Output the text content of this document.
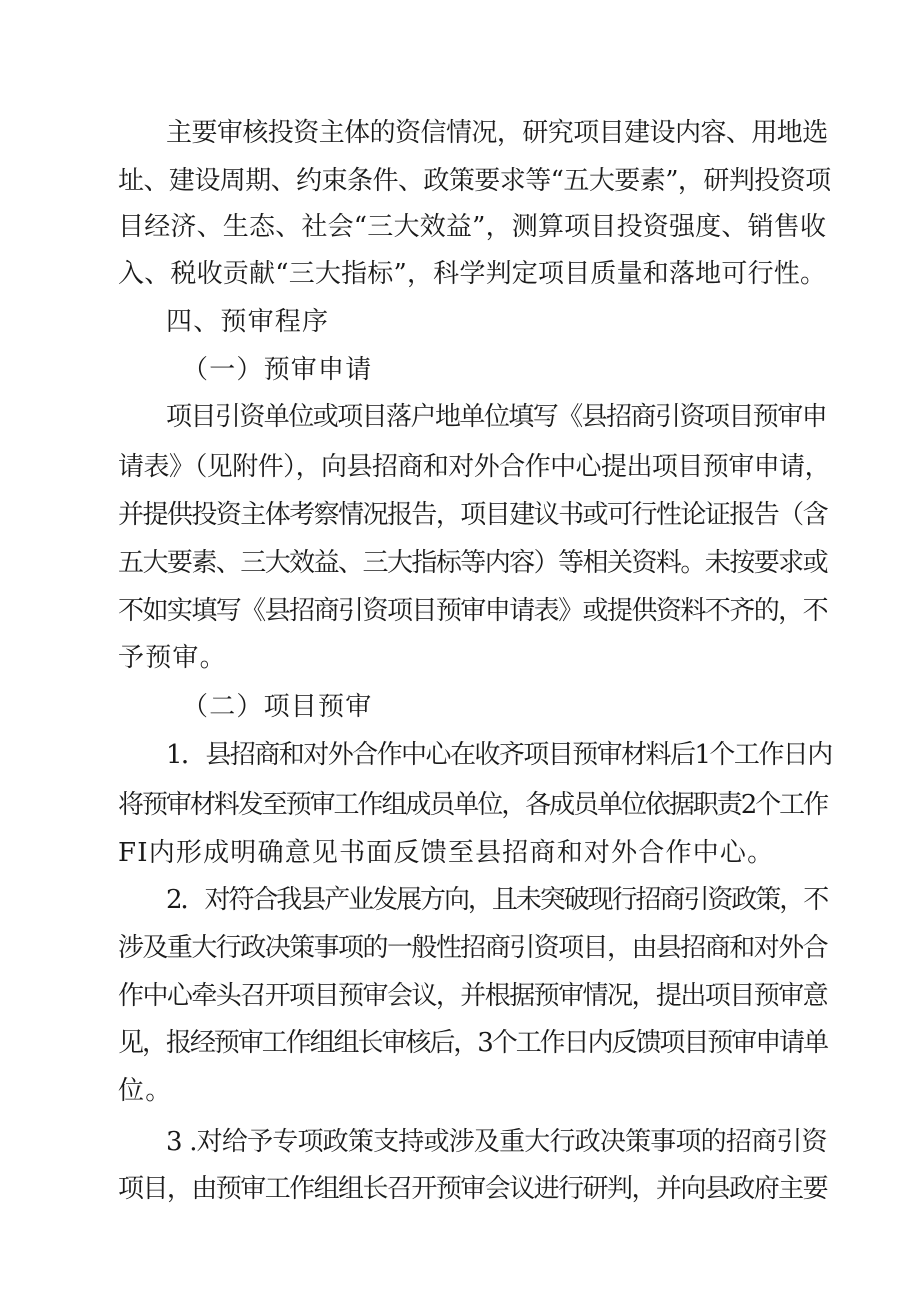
主要审核投资主体的资信情况，研究项目建设内容、用地选
址、建设周期、约束条件、政策要求等“五大要素”，研判投资项
目经济、生态、社会“三大效益”，测算项目投资强度、销售收
入、税收贡献“三大指标”，科学判定项目质量和落地可行性。
四、预审程序
（一）预审申请
项目引资单位或项目落户地单位填写《县招商引资项目预审申
请表》（见附件），向县招商和对外合作中心提出项目预审申请，
并提供投资主体考察情况报告，项目建议书或可行性论证报告（含
五大要素、三大效益、三大指标等内容）等相关资料。未按要求或
不如实填写《县招商引资项目预审申请表》或提供资料不齐的，不
予预审。
（二）项目预审
1．县招商和对外合作中心在收齐项目预审材料后1个工作日内
将预审材料发至预审工作组成员单位，各成员单位依据职责2个工作
FI内形成明确意见书面反馈至县招商和对外合作中心。
2．对符合我县产业发展方向，且未突破现行招商引资政策，不
涉及重大行政决策事项的一般性招商引资项目，由县招商和对外合
作中心牵头召开项目预审会议，并根据预审情况，提出项目预审意
见，报经预审工作组组长审核后，3个工作日内反馈项目预审申请单
位。
3 .对给予专项政策支持或涉及重大行政决策事项的招商引资
项目，由预审工作组组长召开预审会议进行研判，并向县政府主要
